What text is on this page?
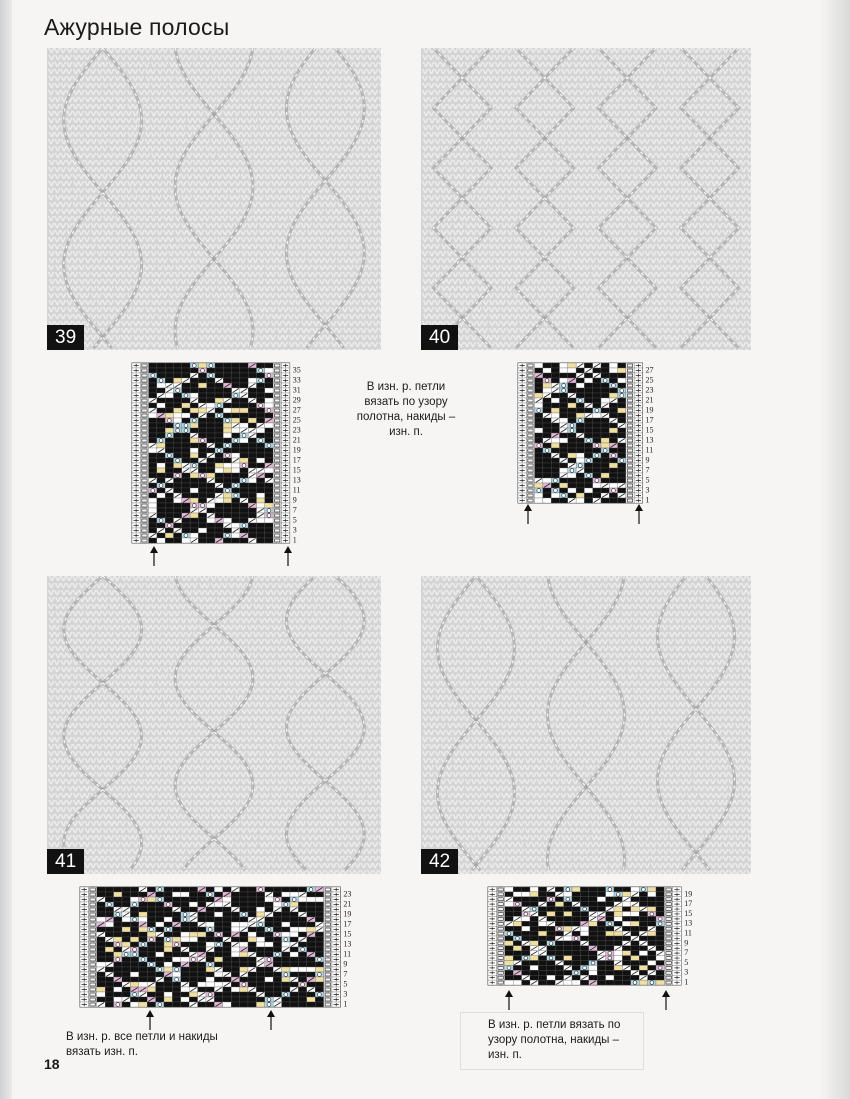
Ажурные полосы
39	40
41	42
35
33
31
29
27
25
23
21
19
17
15
13
11
9
7
5
3
1
27
25
23
21
19
17
15
13
11
9
7
5
3
1
23
21
19
17
15
13
11
9
7
5
3
1
19
17
15
13
11
9
7
5
3
1
В изн. р. петли
вязать по узору
полотна, накиды –
изн. п.
В изн. р. все петли и накиды
вязать изн. п.
В изн. р. петли вязать по
узору полотна, накиды –
изн. п.
18
